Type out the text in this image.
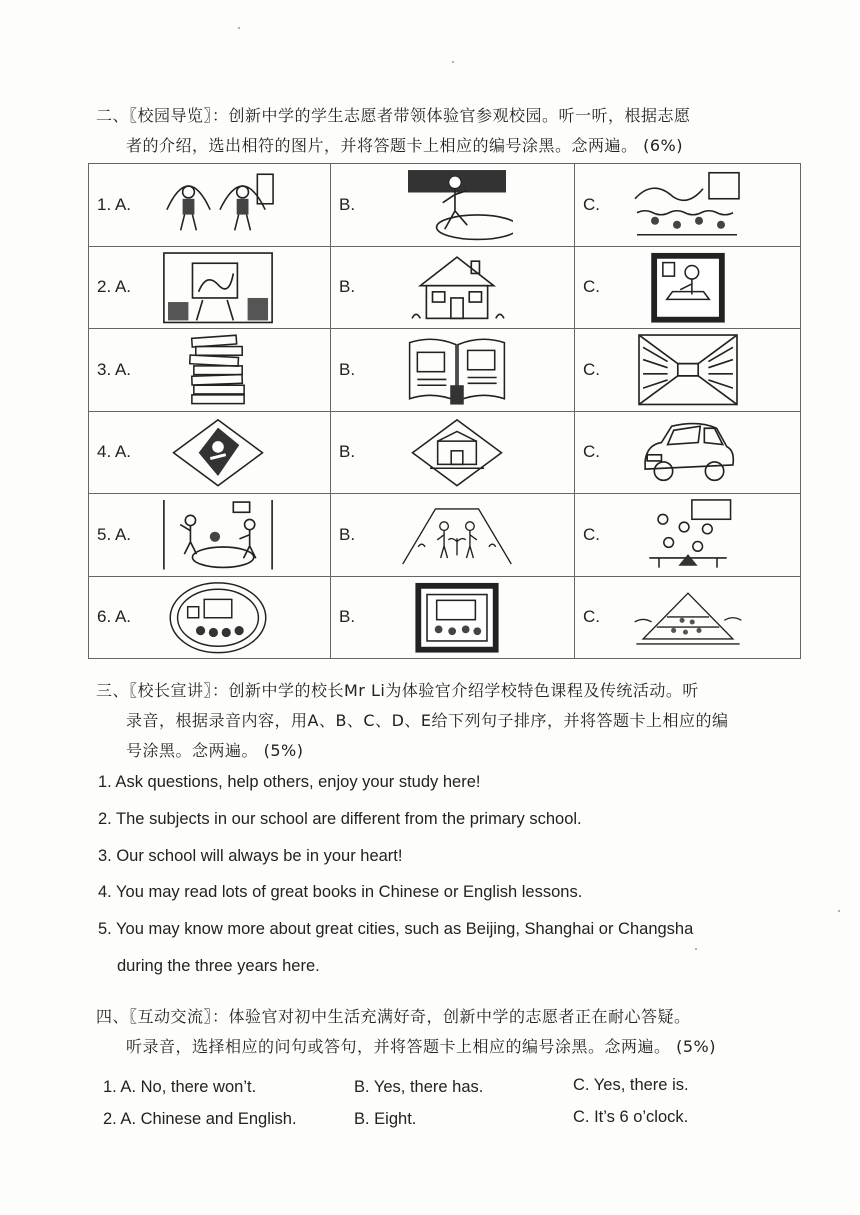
二、〖校园导览〗：创新中学的学生志愿者带领体验官参观校园。听一听，根据志愿
者的介绍，选出相符的图片，并将答题卡上相应的编号涂黑。念两遍。 (6%)
1. A.	B.	C.

2. A.	B.	C.

3. A.	B.	C.

4. A.	B.	C.

5. A.	B.	C.

6. A.	B.	C.
三、〖校长宣讲〗：创新中学的校长Mr Li为体验官介绍学校特色课程及传统活动。听
录音，根据录音内容，用A、B、C、D、E给下列句子排序，并将答题卡上相应的编
号涂黑。念两遍。 (5%)
1. Ask questions, help others, enjoy your study here!
2. The subjects in our school are different from the primary school.
3. Our school will always be in your heart!
4. You may read lots of great books in Chinese or English lessons.
5. You may know more about great cities, such as Beijing, Shanghai or Changsha
during the three years here.
四、〖互动交流〗：体验官对初中生活充满好奇，创新中学的志愿者正在耐心答疑。
听录音，选择相应的问句或答句，并将答题卡上相应的编号涂黑。念两遍。 (5%)
1. A. No, there won’t.	B. Yes, there has.	C. Yes, there is.
2. A. Chinese and English.	B. Eight.	C. It’s 6 o’clock.
